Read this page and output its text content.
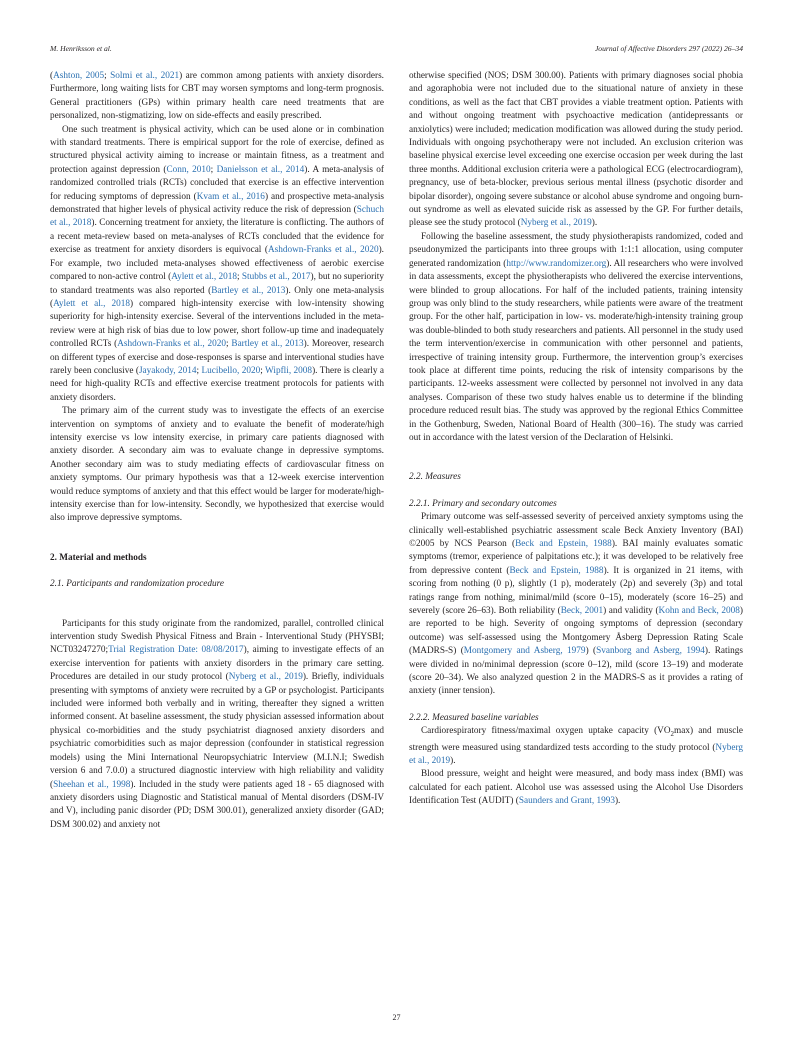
M. Henriksson et al.	Journal of Affective Disorders 297 (2022) 26–34

(Ashton, 2005; Solmi et al., 2021) are common among patients with anxiety disorders. Furthermore, long waiting lists for CBT may worsen symptoms and long-term prognosis. General practitioners (GPs) within primary health care need treatments that are personalized, non-stigmatizing, low on side-effects and easily prescribed.

One such treatment is physical activity, which can be used alone or in combination with standard treatments. There is empirical support for the role of exercise, defined as structured physical activity aiming to increase or maintain fitness, as a treatment and protection against depression (Conn, 2010; Danielsson et al., 2014). A meta-analysis of randomized controlled trials (RCTs) concluded that exercise is an effective intervention for reducing symptoms of depression (Kvam et al., 2016) and prospective meta-analysis demonstrated that higher levels of physical activity reduce the risk of depression (Schuch et al., 2018). Concerning treatment for anxiety, the literature is conflicting. The authors of a recent meta-review based on meta-analyses of RCTs concluded that the evidence for exercise as treatment for anxiety disorders is equivocal (Ashdown-Franks et al., 2020). For example, two included meta-analyses showed effectiveness of aerobic exercise compared to non-active control (Aylett et al., 2018; Stubbs et al., 2017), but no superiority to standard treatments was also reported (Bartley et al., 2013). Only one meta-analysis (Aylett et al., 2018) compared high-intensity exercise with low-intensity showing superiority for high-intensity exercise. Several of the interventions included in the meta-review were at high risk of bias due to low power, short follow-up time and inadequately controlled RCTs (Ashdown-Franks et al., 2020; Bartley et al., 2013). Moreover, research on different types of exercise and dose-responses is sparse and interventional studies have rarely been conclusive (Jayakody, 2014; Lucibello, 2020; Wipfli, 2008). There is clearly a need for high-quality RCTs and effective exercise treatment protocols for patients with anxiety disorders.

The primary aim of the current study was to investigate the effects of an exercise intervention on symptoms of anxiety and to evaluate the benefit of moderate/high intensity exercise vs low intensity exercise, in primary care patients diagnosed with anxiety disorder. A secondary aim was to evaluate change in depressive symptoms. Another secondary aim was to study mediating effects of cardiovascular fitness on anxiety symptoms. Our primary hypothesis was that a 12-week exercise intervention would reduce symptoms of anxiety and that this effect would be larger for moderate/high-intensity exercise than for low-intensity. Secondly, we hypothesized that exercise would also improve depressive symptoms.

2. Material and methods
2.1. Participants and randomization procedure

Participants for this study originate from the randomized, parallel, controlled clinical intervention study Swedish Physical Fitness and Brain - Interventional Study (PHYSBI; NCT03247270;Trial Registration Date: 08/08/2017), aiming to investigate effects of an exercise intervention for patients with anxiety disorders in the primary care setting. Procedures are detailed in our study protocol (Nyberg et al., 2019). Briefly, individuals presenting with symptoms of anxiety were recruited by a GP or psychologist. Participants included were informed both verbally and in writing, thereafter they signed a written informed consent. At baseline assessment, the study physician assessed information about physical co-morbidities and the study psychiatrist diagnosed anxiety disorders and psychiatric comorbidities such as major depression (confounder in statistical regression models) using the Mini International Neuropsychiatric Interview (M.I.N.I; Swedish version 6 and 7.0.0) a structured diagnostic interview with high reliability and validity (Sheehan et al., 1998). Included in the study were patients aged 18 - 65 diagnosed with anxiety disorders using Diagnostic and Statistical manual of Mental disorders (DSM-IV and V), including panic disorder (PD; DSM 300.01), generalized anxiety disorder (GAD; DSM 300.02) and anxiety not

otherwise specified (NOS; DSM 300.00). Patients with primary diagnoses social phobia and agoraphobia were not included due to the situational nature of anxiety in these conditions, as well as the fact that CBT provides a viable treatment option. Patients with and without ongoing treatment with psychoactive medication (antidepressants or anxiolytics) were included; medication modification was allowed during the study period. Individuals with ongoing psychotherapy were not included. An exclusion criterion was baseline physical exercise level exceeding one exercise occasion per week during the last three months. Additional exclusion criteria were a pathological ECG (electrocardiogram), pregnancy, use of beta-blocker, previous serious mental illness (psychotic disorder and bipolar disorder), ongoing severe substance or alcohol abuse syndrome and ongoing burn-out syndrome as well as elevated suicide risk as assessed by the GP. For further details, please see the study protocol (Nyberg et al., 2019).

Following the baseline assessment, the study physiotherapists randomized, coded and pseudonymized the participants into three groups with 1:1:1 allocation, using computer generated randomization (http://www.randomizer.org). All researchers who were involved in data assessments, except the physiotherapists who delivered the exercise interventions, were blinded to group allocations. For half of the included patients, training intensity group was only blind to the study researchers, while patients were aware of the treatment group. For the other half, participation in low- vs. moderate/high-intensity training group was double-blinded to both study researchers and patients. All personnel in the study used the term intervention/exercise in communication with other personnel and patients, irrespective of training intensity group. Furthermore, the intervention group’s exercises took place at different time points, reducing the risk of intensity comparisons by the participants. 12-weeks assessment were collected by personnel not involved in any data analyses. Comparison of these two study halves enable us to determine if the blinding procedure reduced result bias. The study was approved by the regional Ethics Committee in the Gothenburg, Sweden, National Board of Health (300–16). The study was carried out in accordance with the latest version of the Declaration of Helsinki.

2.2. Measures
2.2.1. Primary and secondary outcomes

Primary outcome was self-assessed severity of perceived anxiety symptoms using the clinically well-established psychiatric assessment scale Beck Anxiety Inventory (BAI) ©2005 by NCS Pearson (Beck and Epstein, 1988). BAI mainly evaluates somatic symptoms (tremor, experience of palpitations etc.); it was developed to be relatively free from depressive content (Beck and Epstein, 1988). It is organized in 21 items, with scoring from nothing (0 p), slightly (1 p), moderately (2p) and severely (3p) and total ratings range from nothing, minimal/mild (score 0–15), moderately (score 16–25) and severely (score 26–63). Both reliability (Beck, 2001) and validity (Kohn and Beck, 2008) are reported to be high. Severity of ongoing symptoms of depression (secondary outcome) was self-assessed using the Montgomery Åsberg Depression Rating Scale (MADRS-S) (Montgomery and Asberg, 1979) (Svanborg and Asberg, 1994). Ratings were divided in no/minimal depression (score 0–12), mild (score 13–19) and moderate (score 20–34). We also analyzed question 2 in the MADRS-S as it provides a rating of anxiety (inner tension).

2.2.2. Measured baseline variables

Cardiorespiratory fitness/maximal oxygen uptake capacity $(VO_2\max)$ and muscle strength were measured using standardized tests according to the study protocol (Nyberg et al., 2019).

Blood pressure, weight and height were measured, and body mass index (BMI) was calculated for each patient. Alcohol use was assessed using the Alcohol Use Disorders Identification Test (AUDIT) (Saunders and Grant, 1993).

27
